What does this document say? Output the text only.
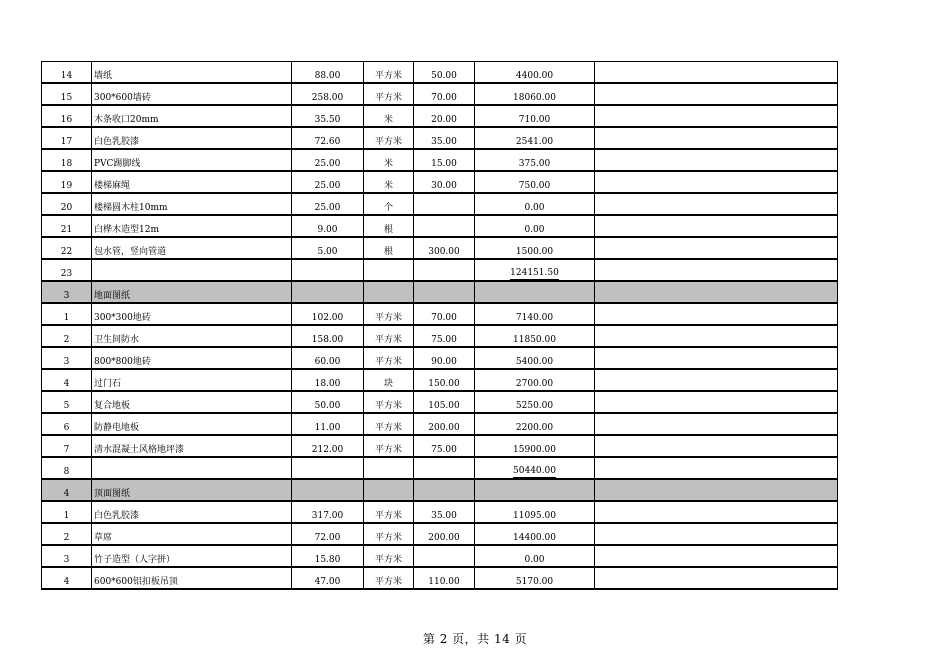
14	墙纸	88.00	平方米	50.00	4400.00	
15	300*600墙砖	258.00	平方米	70.00	18060.00	
16	木条收口20mm	35.50	米	20.00	710.00	
17	白色乳胶漆	72.60	平方米	35.00	2541.00	
18	PVC踢脚线	25.00	米	15.00	375.00	
19	楼梯麻绳	25.00	米	30.00	750.00	
20	楼梯圆木柱10mm	25.00	个		0.00	
21	白桦木造型12m	9.00	根		0.00	
22	包水管，竖向管道	5.00	根	300.00	1500.00	
23					124151.50	
3	地面图纸					
1	300*300地砖	102.00	平方米	70.00	7140.00	
2	卫生间防水	158.00	平方米	75.00	11850.00	
3	800*800地砖	60.00	平方米	90.00	5400.00	
4	过门石	18.00	块	150.00	2700.00	
5	复合地板	50.00	平方米	105.00	5250.00	
6	防静电地板	11.00	平方米	200.00	2200.00	
7	清水混凝土风格地坪漆	212.00	平方米	75.00	15900.00	
8					50440.00	
4	顶面图纸					
1	白色乳胶漆	317.00	平方米	35.00	11095.00	
2	草席	72.00	平方米	200.00	14400.00	
3	竹子造型（人字拼）	15.80	平方米		0.00	
4	600*600铝扣板吊顶	47.00	平方米	110.00	5170.00	
第 2 页，共 14 页
